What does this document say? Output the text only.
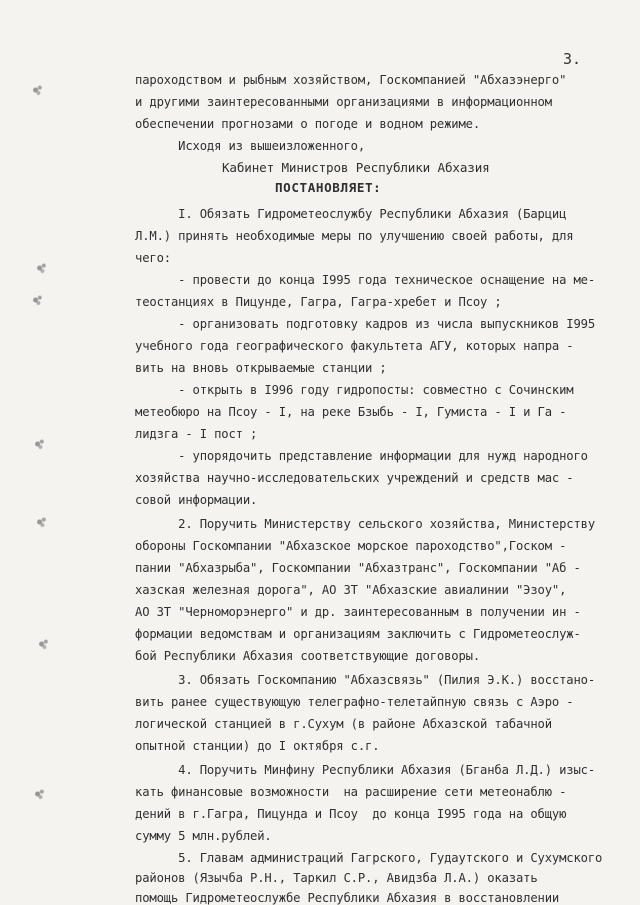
3.
пароходством и рыбным хозяйством, Госкомпанией "Абхазэнерго"
и другими заинтересованными организациями в информационном
обеспечении прогнозами о погоде и водном режиме.
Исходя из вышеизложенного,
Кабинет Министров Республики Абхазия
ПОСТАНОВЛЯЕТ:
I. Обязать Гидрометеослужбу Республики Абхазия (Барциц
Л.М.) принять необходимые меры по улучшению своей работы, для
чего:
- провести до конца I995 года техническое оснащение на ме-
теостанциях в Пицунде, Гагра, Гагра-хребет и Псоу ;
- организовать подготовку кадров из числа выпускников I995
учебного года географического факультета АГУ, которых напра -
вить на вновь открываемые станции ;
- открыть в I996 году гидропосты: совместно с Сочинским
метеобюро на Псоу - I, на реке Бзыбь - I, Гумиста - I и Га -
лидзга - I пост ;
- упорядочить представление информации для нужд народного
хозяйства научно-исследовательских учреждений и средств мас -
совой информации.
2. Поручить Министерству сельского хозяйства, Министерству
обороны Госкомпании "Абхазское морское пароходство",Госком -
пании "Абхазрыба", Госкомпании "Абхазтранс", Госкомпании "Аб -
хазская железная дорога", АО ЗТ "Абхазские авиалинии "Эзоу",
АО ЗТ "Черноморэнерго" и др. заинтересованным в получении ин -
формации ведомствам и организациям заключить с Гидрометеослуж-
бой Республики Абхазия соответствующие договоры.
3. Обязать Госкомпанию "Абхазсвязь" (Пилия Э.К.) восстано-
вить ранее существующую телеграфно-телетайпную связь с Аэро -
логической станцией в г.Сухум (в районе Абхазской табачной
опытной станции) до I октября с.г.
4. Поручить Минфину Республики Абхазия (Бганба Л.Д.) изыс-
кать финансовые возможности  на расширение сети метеонаблю -
дений в г.Гагра, Пицунда и Псоу  до конца I995 года на общую
сумму 5 млн.рублей.
5. Главам администраций Гагрского, Гудаутского и Сухумского
районов (Язычба Р.Н., Таркил С.Р., Авидзба Л.А.) оказать
помощь Гидрометеослужбе Республики Абхазия в восстановлении
